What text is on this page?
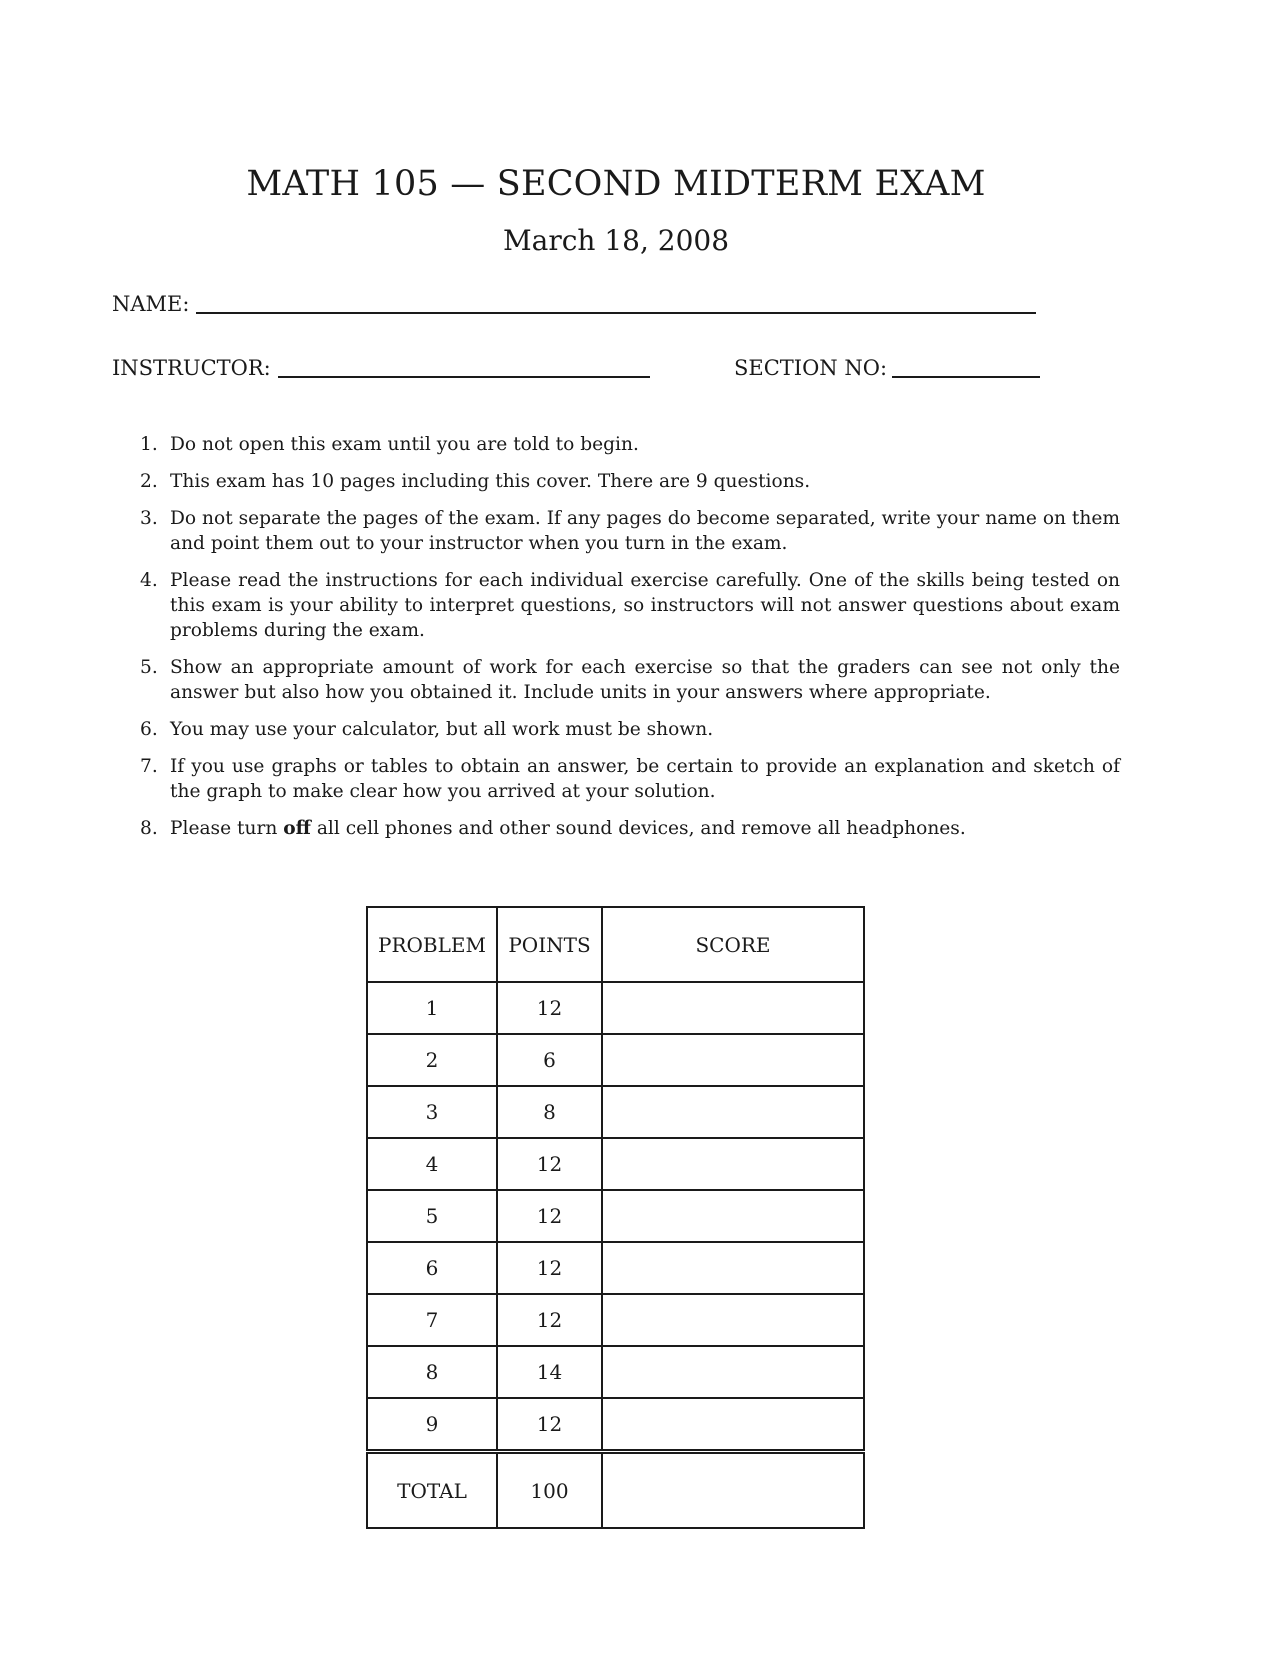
MATH 105 — SECOND MIDTERM EXAM
March 18, 2008
NAME:
INSTRUCTOR:	SECTION NO:
1. Do not open this exam until you are told to begin.
2. This exam has 10 pages including this cover. There are 9 questions.
3. Do not separate the pages of the exam. If any pages do become separated, write your name on them and point them out to your instructor when you turn in the exam.
4. Please read the instructions for each individual exercise carefully. One of the skills being tested on this exam is your ability to interpret questions, so instructors will not answer questions about exam problems during the exam.
5. Show an appropriate amount of work for each exercise so that the graders can see not only the answer but also how you obtained it. Include units in your answers where appropriate.
6. You may use your calculator, but all work must be shown.
7. If you use graphs or tables to obtain an answer, be certain to provide an explanation and sketch of the graph to make clear how you arrived at your solution.
8. Please turn off all cell phones and other sound devices, and remove all headphones.
PROBLEM	POINTS	SCORE
1	12	
2	6	
3	8	
4	12	
5	12	
6	12	
7	12	
8	14	
9	12	
TOTAL	100	
